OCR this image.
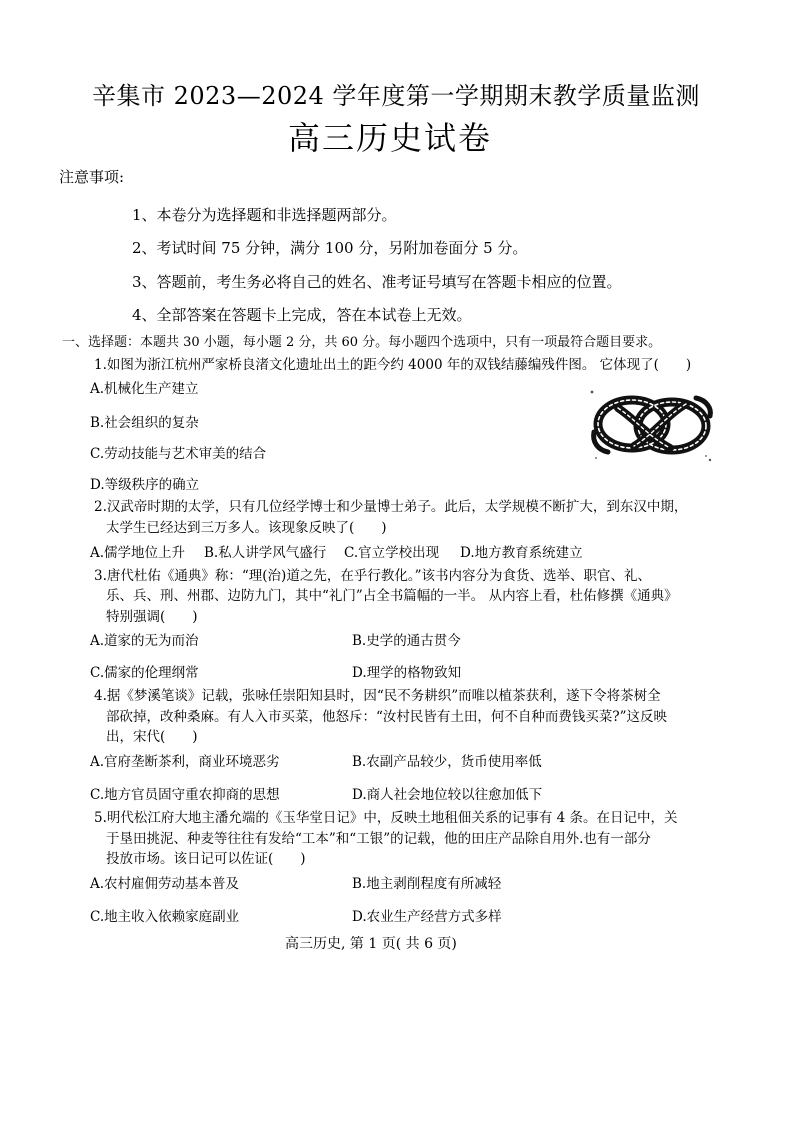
辛集市 2023—2024 学年度第一学期期末教学质量监测
高三历史试卷
注意事项:
1、本卷分为选择题和非选择题两部分。
2、考试时间 75 分钟，满分 100 分，另附加卷面分 5 分。
3、答题前，考生务必将自己的姓名、准考证号填写在答题卡相应的位置。
4、全部答案在答题卡上完成，答在本试卷上无效。
一、选择题：本题共 30 小题，每小题 2 分，共 60 分。每小题四个选项中，只有一项最符合题目要求。
1.如图为浙江杭州严家桥良渚文化遗址出土的距今约 4000 年的双钱结藤编残件图。 它体现了(　　)
A.机械化生产建立
B.社会组织的复杂
C.劳动技能与艺术审美的结合
D.等级秩序的确立
2.汉武帝时期的太学，只有几位经学博士和少量博士弟子。此后，太学规模不断扩大，到东汉中期，
太学生已经达到三万多人。该现象反映了(　　)
A.儒学地位上升 B.私人讲学风气盛行 C.官立学校出现 D.地方教育系统建立
3.唐代杜佑《通典》称：“理(治)道之先，在乎行教化。”该书内容分为食货、选举、职官、礼、
乐、兵、刑、州郡、边防九门，其中“礼门”占全书篇幅的一半。 从内容上看，杜佑修撰《通典》
特别强调(　　)
A.道家的无为而治	B.史学的通古贯今
C.儒家的伦理纲常	D.理学的格物致知
4.据《梦溪笔谈》记载，张咏任崇阳知县时，因“民不务耕织”而唯以植茶获利，遂下令将茶树全
部砍掉，改种桑麻。有人入市买菜，他怒斥：“汝村民皆有土田，何不自种而费钱买菜?”这反映
出，宋代(　　)
A.官府垄断茶利，商业环境恶劣	B.农副产品较少，货币使用率低
C.地方官员固守重农抑商的思想	D.商人社会地位较以往愈加低下
5.明代松江府大地主潘允端的《玉华堂日记》中，反映土地租佃关系的记事有 4 条。在日记中，关
于垦田挑泥、种麦等往往有发给“工本”和“工银”的记载，他的田庄产品除自用外.也有一部分
投放市场。该日记可以佐证(　　)
A.农村雇佣劳动基本普及	B.地主剥削程度有所减轻
C.地主收入依赖家庭副业	D.农业生产经营方式多样
高三历史, 第 1 页( 共 6 页)
